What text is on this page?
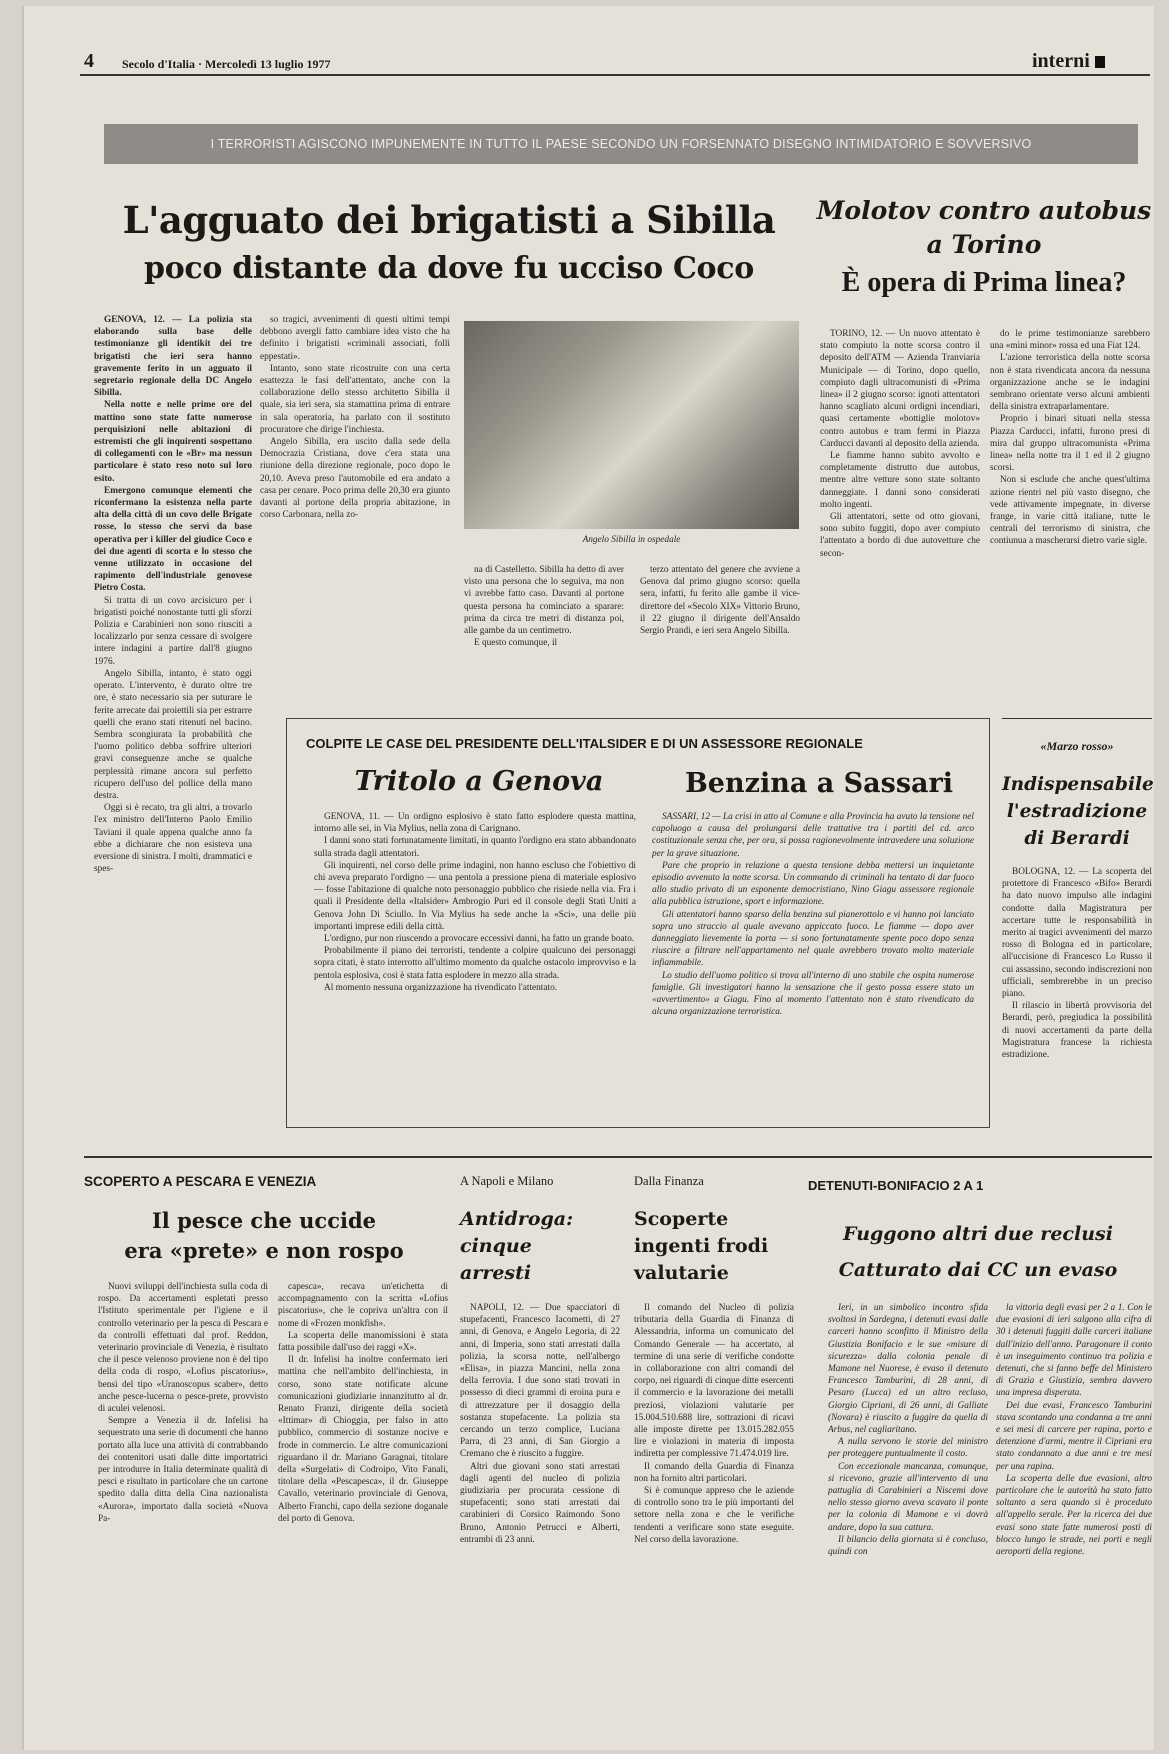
4 Secolo d'Italia · Mercoledì 13 luglio 1977	interni
I TERRORISTI AGISCONO IMPUNEMENTE IN TUTTO IL PAESE SECONDO UN FORSENNATO DISEGNO INTIMIDATORIO E SOVVERSIVO
L'agguato dei brigatisti a Sibilla
poco distante da dove fu ucciso Coco

GENOVA, 12. — La polizia sta elaborando sulla base delle testimonianze gli identikit dei tre brigatisti che ieri sera hanno gravemente ferito in un agguato il segretario regionale della DC Angelo Sibilla.

Nella notte e nelle prime ore del mattino sono state fatte numerose perquisizioni nelle abitazioni di estremisti che gli inquirenti sospettano di collegamenti con le «Br» ma nessun particolare è stato reso noto sul loro esito.

Emergono comunque elementi che riconfermano la esistenza nella parte alta della città di un covo delle Brigate rosse, lo stesso che servì da base operativa per i killer del giudice Coco e dei due agenti di scorta e lo stesso che venne utilizzato in occasione del rapimento dell'industriale genovese Pietro Costa.

Si tratta di un covo arcisicuro per i brigatisti poiché nonostante tutti gli sforzi Polizia e Carabinieri non sono riusciti a localizzarlo pur senza cessare di svolgere intere indagini a partire dall'8 giugno 1976.

Angelo Sibilla, intanto, è stato oggi operato. L'intervento, è durato oltre tre ore, è stato necessario sia per suturare le ferite arrecate dai proiettili sia per estrarre quelli che erano stati ritenuti nel bacino. Sembra scongiurata la probabilità che l'uomo politico debba soffrire ulteriori gravi conseguenze anche se qualche perplessità rimane ancora sul perfetto ricupero dell'uso del pollice della mano destra.

Oggi si è recato, tra gli altri, a trovarlo l'ex ministro dell'Interno Paolo Emilio Taviani il quale appena qualche anno fa ebbe a dichiarare che non esisteva una eversione di sinistra. I molti, drammatici e spes-

so tragici, avvenimenti di questi ultimi tempi debbono avergli fatto cambiare idea visto che ha definito i brigatisti «criminali associati, folli eppestati».

Intanto, sono state ricostruite con una certa esattezza le fasi dell'attentato, anche con la collaborazione dello stesso architetto Sibilla il quale, sia ieri sera, sia stamattina prima di entrare in sala operatoria, ha parlato con il sostituto procuratore che dirige l'inchiesta.

Angelo Sibilla, era uscito dalla sede della Democrazia Cristiana, dove c'era stata una riunione della direzione regionale, poco dopo le 20,10. Aveva preso l'automobile ed era andato a casa per cenare. Poco prima delle 20,30 era giunto davanti al portone della propria abitazione, in corso Carbonara, nella zo-

Angelo Sibilla in ospedale

na di Castelletto. Sibilla ha detto di aver visto una persona che lo seguiva, ma non vi avrebbe fatto caso. Davanti al portone questa persona ha cominciato a sparare: prima da circa tre metri di distanza poi, alle gambe da un centimetro.

E questo comunque, il

terzo attentato del genere che avviene a Genova dal primo giugno scorso: quella sera, infatti, fu ferito alle gambe il vice-direttore del «Secolo XIX» Vittorio Bruno, il 22 giugno il dirigente dell'Ansaldo Sergio Prandi, e ieri sera Angelo Sibilla.

Molotov contro autobus
a Torino
È opera di Prima linea?

TORINO, 12. — Un nuovo attentato è stato compiuto la notte scorsa contro il deposito dell'ATM — Azienda Tranviaria Municipale — di Torino, dopo quello, compiuto dagli ultracomunisti di «Prima linea» il 2 giugno scorso: ignoti attentatori hanno scagliato alcuni ordigni incendiari, quasi certamente «bottiglie molotov» contro autobus e tram fermi in Piazza Carducci davanti al deposito della azienda.

Le fiamme hanno subito avvolto e completamente distrutto due autobus, mentre altre vetture sono state soltanto danneggiate. I danni sono considerati molto ingenti.

Gli attentatori, sette od otto giovani, sono subito fuggiti, dopo aver compiuto l'attentato a bordo di due autovetture che secon-

do le prime testimonianze sarebbero una «mini minor» rossa ed una Fiat 124.

L'azione terroristica della notte scorsa non è stata rivendicata ancora da nessuna organizzazione anche se le indagini sembrano orientate verso alcuni ambienti della sinistra extraparlamentare.

Proprio i binari situati nella stessa Piazza Carducci, infatti, furono presi di mira dal gruppo ultracomunista «Prima linea» nella notte tra il 1 ed il 2 giugno scorsi.

Non si esclude che anche quest'ultima azione rientri nel più vasto disegno, che vede attivamente impegnate, in diverse frange, in varie città italiane, tutte le centrali del terrorismo di sinistra, che contiunua a mascherarsi dietro varie sigle.

COLPITE LE CASE DEL PRESIDENTE DELL'ITALSIDER E DI UN ASSESSORE REGIONALE
Tritolo a Genova	Benzina a Sassari

GENOVA, 11. — Un ordigno esplosivo è stato fatto esplodere questa mattina, intorno alle sei, in Via Mylius, nella zona di Carignano.

I danni sono stati fortunatamente limitati, in quanto l'ordigno era stato abbandonato sulla strada dagli attentatori.

Gli inquirenti, nel corso delle prime indagini, non hanno escluso che l'obiettivo di chi aveva preparato l'ordigno — una pentola a pressione piena di materiale esplosivo — fosse l'abitazione di qualche noto personaggio pubblico che risiede nella via. Fra i quali il Presidente della «Italsider» Ambrogio Puri ed il console degli Stati Uniti a Genova John Di Sciullo. In Via Mylius ha sede anche la «Sci», una delle più importanti imprese edili della città.

L'ordigno, pur non riuscendo a provocare eccessivi danni, ha fatto un grande boato.

Probabilmente il piano dei terroristi, tendente a colpire qualcuno dei personaggi sopra citati, è stato interrotto all'ultimo momento da qualche ostacolo improvviso e la pentola esplosiva, così è stata fatta esplodere in mezzo alla strada.

Al momento nessuna organizzazione ha rivendicato l'attentato.

SASSARI, 12 — La crisi in atto al Comune e alla Provincia ha avuto la tensione nel capoluogo a causa del prolungarsi delle trattative tra i partiti del cd. arco costituzionale senza che, per ora, si possa ragionevolmente intravedere una soluzione per la grave situazione.

Pare che proprio in relazione a questa tensione debba mettersi un inquietante episodio avvenuto la notte scorsa. Un commando di criminali ha tentato di dar fuoco allo studio privato di un esponente democristiano, Nino Giagu assessore regionale alla pubblica istruzione, sport e informazione.

Gli attentatori hanno sparso della benzina sul pianerottolo e vi hanno poi lanciato sopra uno straccio al quale avevano appiccato fuoco. Le fiamme — dopo aver danneggiato lievemente la porta — si sono fortunatamente spente poco dopo senza riuscire a filtrare nell'appartamento nel quale avrebbero trovato molto materiale infiammabile.

Lo studio dell'uomo politico si trova all'interno di uno stabile che ospita numerose famiglie. Gli investigatori hanno la sensazione che il gesto possa essere stato un «avvertimento» a Giagu. Fino al momento l'attentato non è stato rivendicato da alcuna organizzazione terroristica.

«Marzo rosso»
Indispensabile
l'estradizione
di Berardi

BOLOGNA, 12. — La scoperta del protettore di Francesco «Bifo» Berardi ha dato nuovo impulso alle indagini condotte dalla Magistratura per accertare tutte le responsabilità in merito ai tragici avvenimenti del marzo rosso di Bologna ed in particolare, all'uccisione di Francesco Lo Russo il cui assassino, secondo indiscrezioni non ufficiali, sembrerebbe in un preciso piano.

Il rilascio in libertà provvisoria del Berardi, però, pregiudica la possibilità di nuovi accertamenti da parte della Magistratura francese la richiesta estradizione.

SCOPERTO A PESCARA E VENEZIA
Il pesce che uccide
era «prete» e non rospo

Nuovi sviluppi dell'inchiesta sulla coda di rospo. Da accertamenti espletati presso l'Istituto sperimentale per l'igiene e il controllo veterinario per la pesca di Pescara e da controlli effettuati dal prof. Reddon, veterinario provinciale di Venezia, è risultato che il pesce velenoso proviene non è del tipo della coda di rospo, «Lofius piscatorius», bensì del tipo «Uranoscopus scaber», detto anche pesce-lucerna o pesce-prete, provvisto di aculei velenosi.

Sempre a Venezia il dr. Infelisi ha sequestrato una serie di documenti che hanno portato alla luce una attività di contrabbando dei contenitori usati dalle ditte importatrici per introdurre in Italia determinate qualità di pesci e risultato in particolare che un cartone spedito dalla ditta della Cina nazionalista «Aurora», importato dalla società «Nuova Pa-

capesca», recava un'etichetta di accompagnamento con la scritta «Lofius piscatorius», che le copriva un'altra con il nome di «Frozen monkfish».

La scoperta delle manomissioni è stata fatta possibile dall'uso dei raggi «X».

Il dr. Infelisi ha inoltre confermato ieri mattina che nell'ambito dell'inchiesta, in corso, sono state notificate alcune comunicazioni giudiziarie innanzitutto al dr. Renato Franzi, dirigente della società «Ittimar» di Chioggia, per falso in atto pubblico, commercio di sostanze nocive e frode in commercio. Le altre comunicazioni riguardano il dr. Mariano Garagnai, titolare della «Surgelati» di Codroipo, Vito Fanali, titolare della «Pescapesca», il dr. Giuseppe Cavallo, veterinario provinciale di Genova, Alberto Franchi, capo della sezione doganale del porto di Genova.

A Napoli e Milano
Antidroga:
cinque
arresti

NAPOLI, 12. — Due spacciatori di stupefacenti, Francesco Iacometti, di 27 anni, di Genova, e Angelo Legoria, di 22 anni, di Imperia, sono stati arrestati dalla polizia, la scorsa notte, nell'albergo «Elisa», in piazza Mancini, nella zona della ferrovia. I due sono stati trovati in possesso di dieci grammi di eroina pura e di attrezzature per il dosaggio della sostanza stupefacente. La polizia sta cercando un terzo complice, Luciana Parra, di 23 anni, di San Giorgio a Cremano che è riuscito a fuggire.

Altri due giovani sono stati arrestati dagli agenti del nucleo di polizia giudiziaria per procurata cessione di stupefacenti; sono stati arrestati dai carabinieri di Corsico Raimondo Sono Bruno, Antonio Petrucci e Alberti, entrambi di 23 anni.

Dalla Finanza
Scoperte
ingenti frodi
valutarie

Il comando del Nucleo di polizia tributaria della Guardia di Finanza di Alessandria, informa un comunicato del Comando Generale — ha accertato, al termine di una serie di verifiche condotte in collaborazione con altri comandi del corpo, nei riguardi di cinque ditte esercenti il commercio e la lavorazione dei metalli preziosi, violazioni valutarie per 15.004.510.688 lire, sottrazioni di ricavi alle imposte dirette per 13.015.282.055 lire e violazioni in materia di imposta indiretta per complessive 71.474.019 lire.

Il comando della Guardia di Finanza non ha fornito altri particolari.

Si è comunque appreso che le aziende di controllo sono tra le più importanti del settore nella zona e che le verifiche tendenti a verificare sono state eseguite. Nel corso della lavorazione.

DETENUTI-BONIFACIO 2 A 1
Fuggono altri due reclusi
Catturato dai CC un evaso

Ieri, in un simbolico incontro sfida svoltosi in Sardegna, i detenuti evasi dalle carceri hanno sconfitto il Ministro della Giustizia Bonifacio e le sue «misure di sicurezza» dalla colonia penale di Mamone nel Nuorese, è evaso il detenuto Francesco Tamburini, di 28 anni, di Pesaro (Lucca) ed un altro recluso, Giorgio Cipriani, di 26 anni, di Galliate (Novara) è riuscito a fuggire da quella di Arbus, nel cagliaritano.

A nulla servono le storie del ministro per proteggere puntualmente il costo.

Con eccezionale mancanza, comunque, si ricevono, grazie all'intervento di una pattuglia di Carabinieri a Niscemi dove nello stesso giorno aveva scavato il ponte per la colonia di Mamone e vi dovrà andare, dopo la sua cattura.

Il bilancio della giornata si è concluso, quindi con

la vittoria degli evasi per 2 a 1. Con le due evasioni di ieri salgono alla cifra di 30 i detenuti fuggiti dalle carceri italiane dall'inizio dell'anno. Paragonare il conto è un inseguimento continuo tra polizia e detenuti, che si fanno beffe del Ministero di Grazia e Giustizia, sembra davvero una impresa disperata.

Dei due evasi, Francesco Tamburini stava scontando una condanna a tre anni e sei mesi di carcere per rapina, porto e detenzione d'armi, mentre il Cipriani era stato condannato a due anni e tre mesi per una rapina.

La scoperta delle due evasioni, altro particolare che le autorità ha stato fatto soltanto a sera quando si è proceduto all'appello serale. Per la ricerca dei due evasi sono state fatte numerosi posti di blocco lungo le strade, nei porti e negli aeroporti della regione.
